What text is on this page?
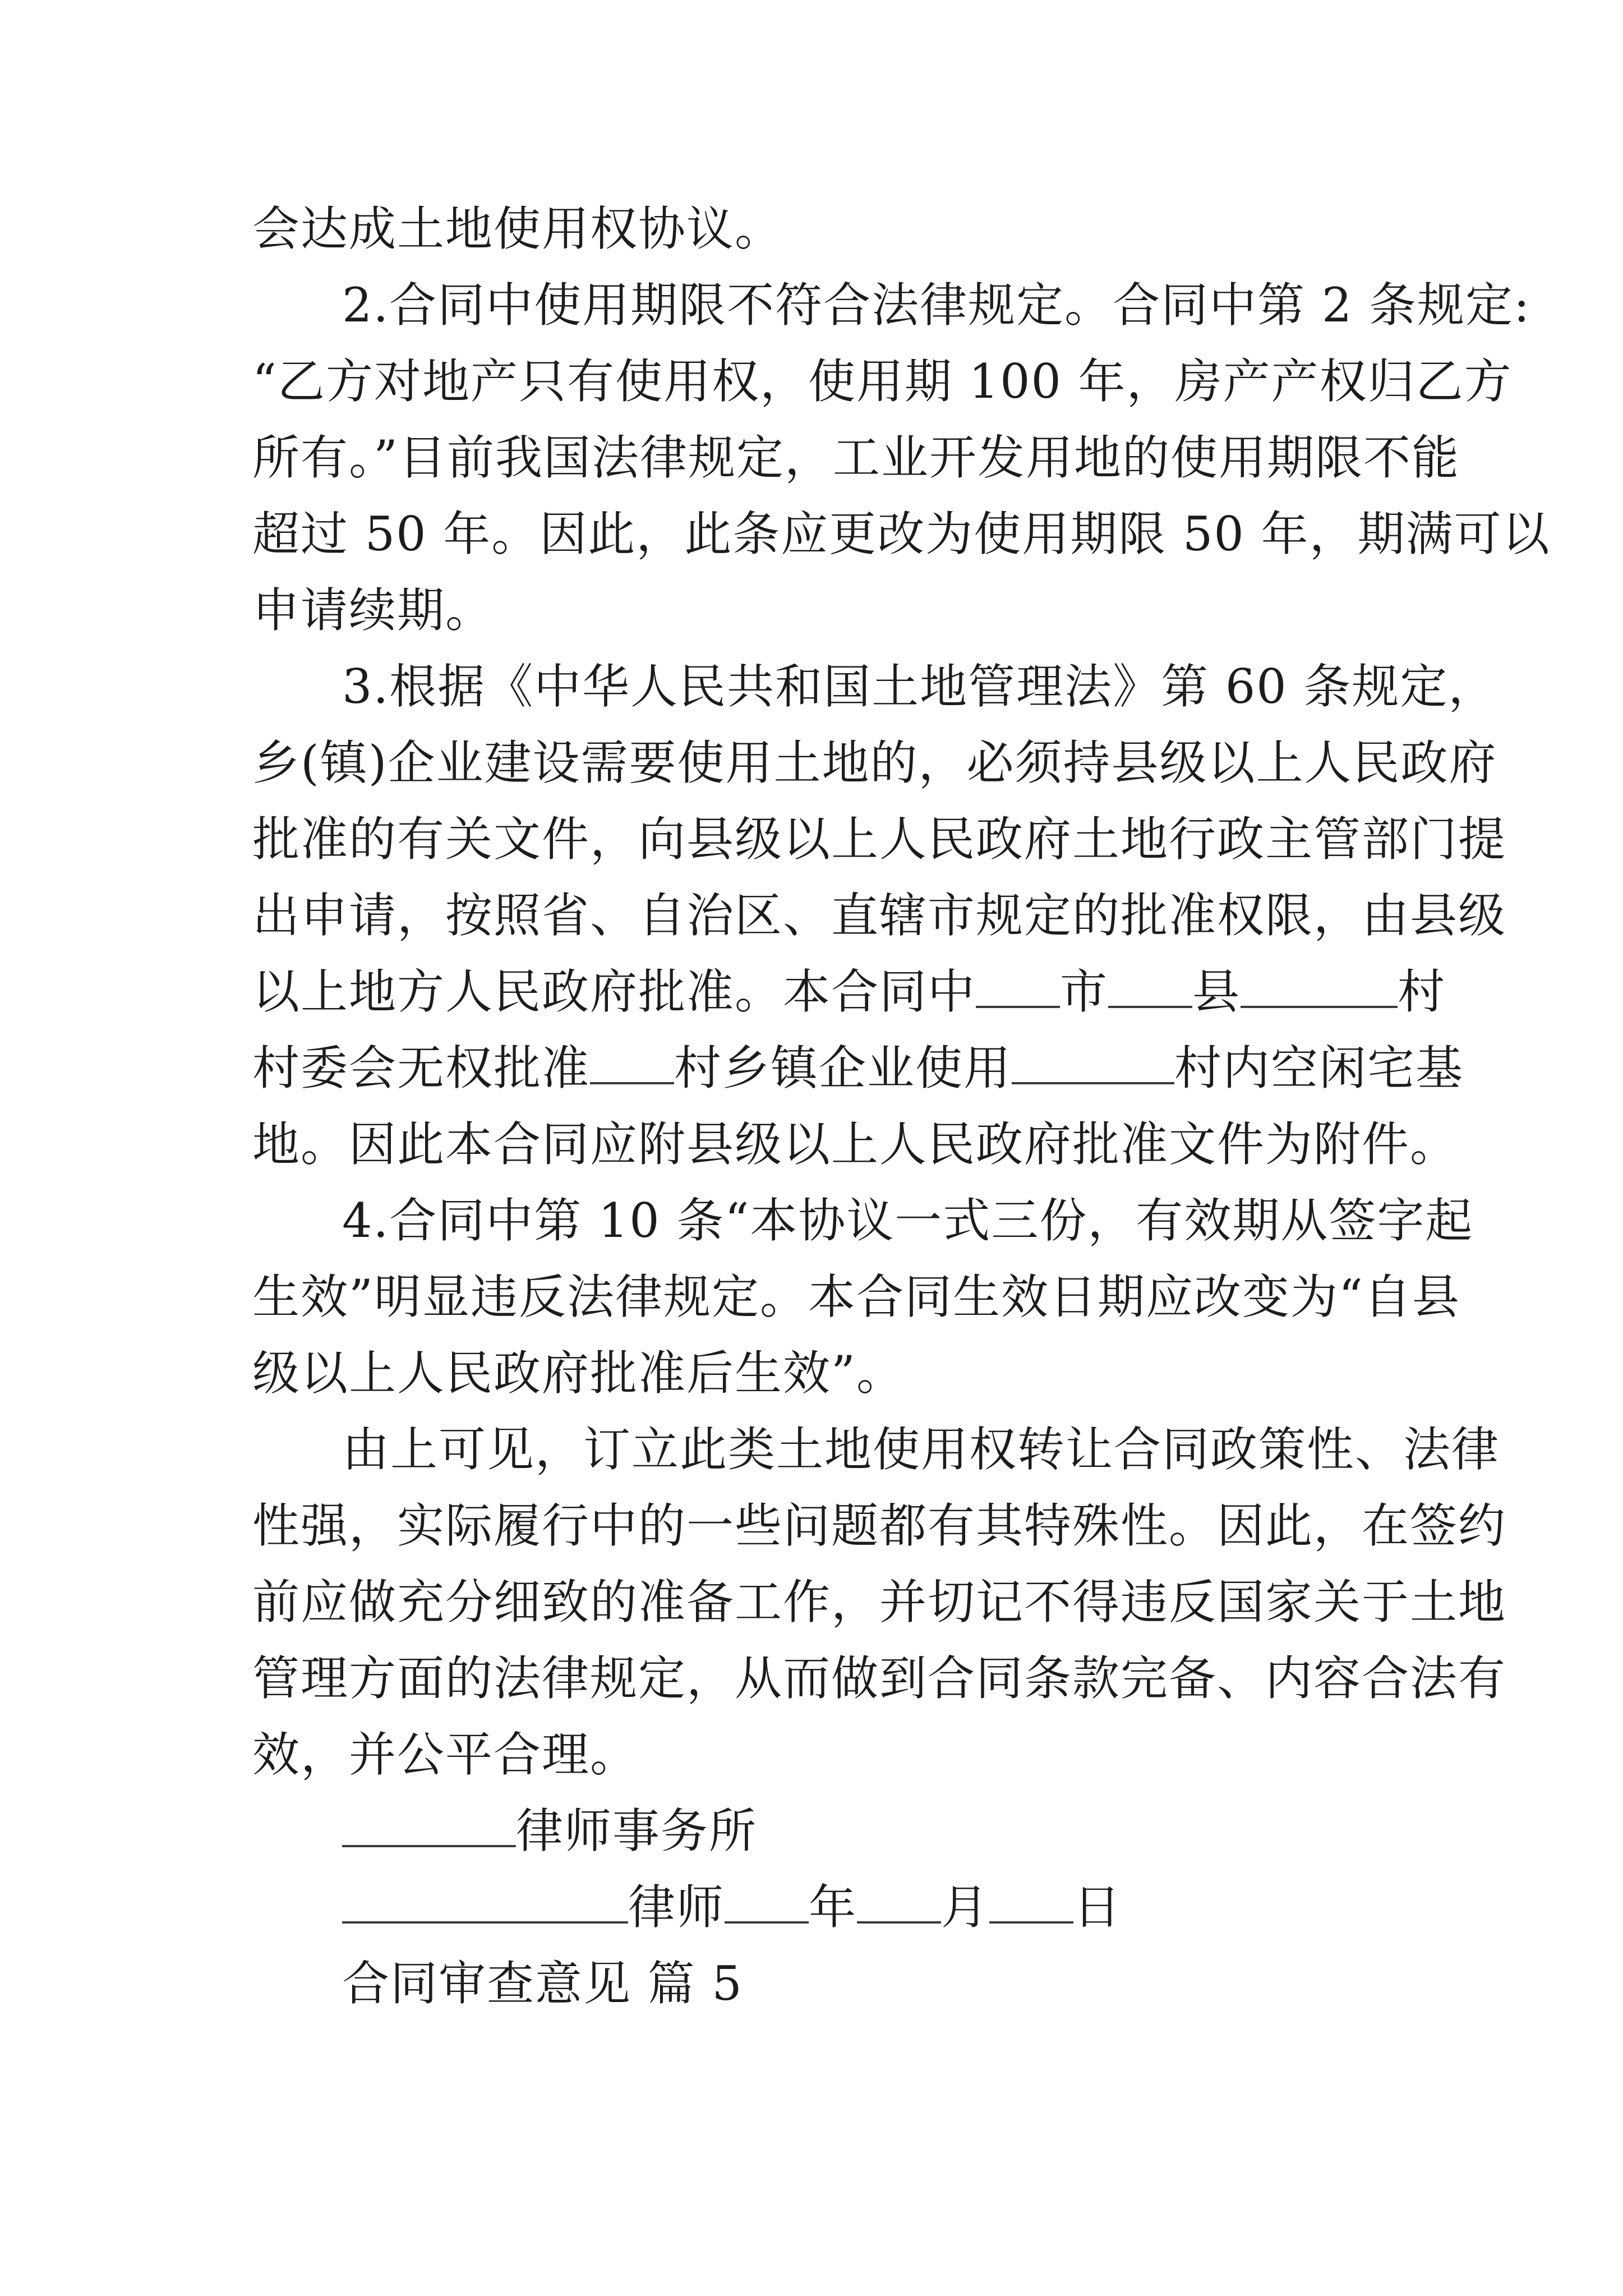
会达成土地使用权协议。
2.合同中使用期限不符合法律规定。合同中第 2 条规定:
“乙方对地产只有使用权，使用期 100 年，房产产权归乙方
所有。”目前我国法律规定，工业开发用地的使用期限不能
超过 50 年。因此，此条应更改为使用期限 50 年，期满可以
申请续期。
3.根据《中华人民共和国土地管理法》第 60 条规定，
乡(镇)企业建设需要使用土地的，必须持县级以上人民政府
批准的有关文件，向县级以上人民政府土地行政主管部门提
出申请，按照省、自治区、直辖市规定的批准权限，由县级
以上地方人民政府批准。本合同中 市 县	村
村委会无权批准 村乡镇企业使用	村内空闲宅基
地。因此本合同应附县级以上人民政府批准文件为附件。
4.合同中第 10 条“本协议一式三份，有效期从签字起
生效”明显违反法律规定。本合同生效日期应改变为“自县
级以上人民政府批准后生效”。
由上可见，订立此类土地使用权转让合同政策性、法律
性强，实际履行中的一些问题都有其特殊性。因此，在签约
前应做充分细致的准备工作，并切记不得违反国家关于土地
管理方面的法律规定，从而做到合同条款完备、内容合法有
效，并公平合理。
律师事务所
律师 年 月 日
合同审查意见 篇 5
